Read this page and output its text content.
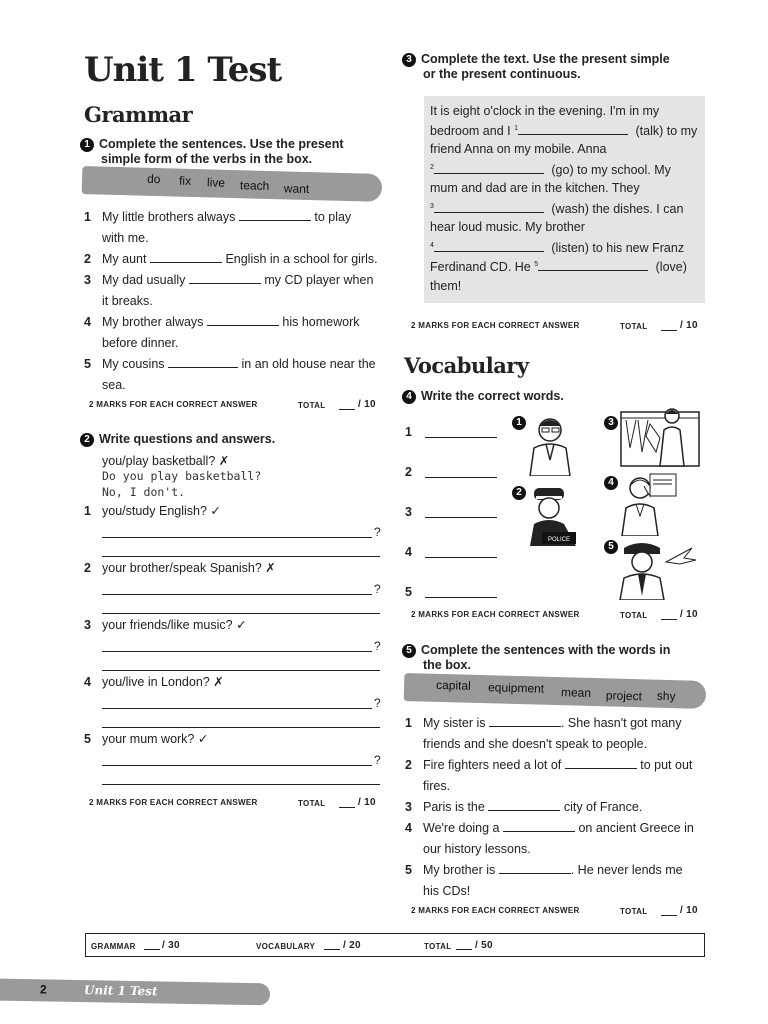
Unit 1 Test
Grammar
1 Complete the sentences. Use the present
simple form of the verbs in the box.
do fix live teach want
1 My little brothers always	to play
with me.
2 My aunt	English in a school for girls.
3 My dad usually	my CD player when
it breaks.
4 My brother always	his homework
before dinner.
5 My cousins	in an old house near the
sea.
2 MARKS FOR EACH CORRECT ANSWER	TOTAL	/ 10
2 Write questions and answers.
you/play basketball? ✗
Do you play basketball?
No, I don't.
1 you/study English? ✓
?
2 your brother/speak Spanish? ✗
?
3 your friends/like music? ✓
?
4 you/live in London? ✗
?
5 your mum work? ✓
?
2 MARKS FOR EACH CORRECT ANSWER	TOTAL	/ 10
3 Complete the text. Use the present simple
or the present continuous.
It is eight o'clock in the evening. I'm in my
bedroom and I $^1$	(talk) to my
friend Anna on my mobile. Anna
$^2$	(go) to my school. My
mum and dad are in the kitchen. They
$^3$	(wash) the dishes. I can
hear loud music. My brother
$^4$	(listen) to his new Franz
Ferdinand CD. He $^5$	(love)
them!
2 MARKS FOR EACH CORRECT ANSWER	TOTAL	/ 10
Vocabulary
4 Write the correct words.
1
2
3
4
5
1
2
POLICE
3
4
5
2 MARKS FOR EACH CORRECT ANSWER	TOTAL	/ 10
5 Complete the sentences with the words in
the box.
capital equipment mean project shy
1 My sister is	. She hasn't got many
friends and she doesn't speak to people.
2 Fire fighters need a lot of	to put out
fires.
3 Paris is the	city of France.
4 We're doing a	on ancient Greece in
our history lessons.
5 My brother is	. He never lends me
his CDs!
2 MARKS FOR EACH CORRECT ANSWER	TOTAL	/ 10
GRAMMAR	/ 30	VOCABULARY	/ 20	TOTAL / 50
2	Unit 1 Test
